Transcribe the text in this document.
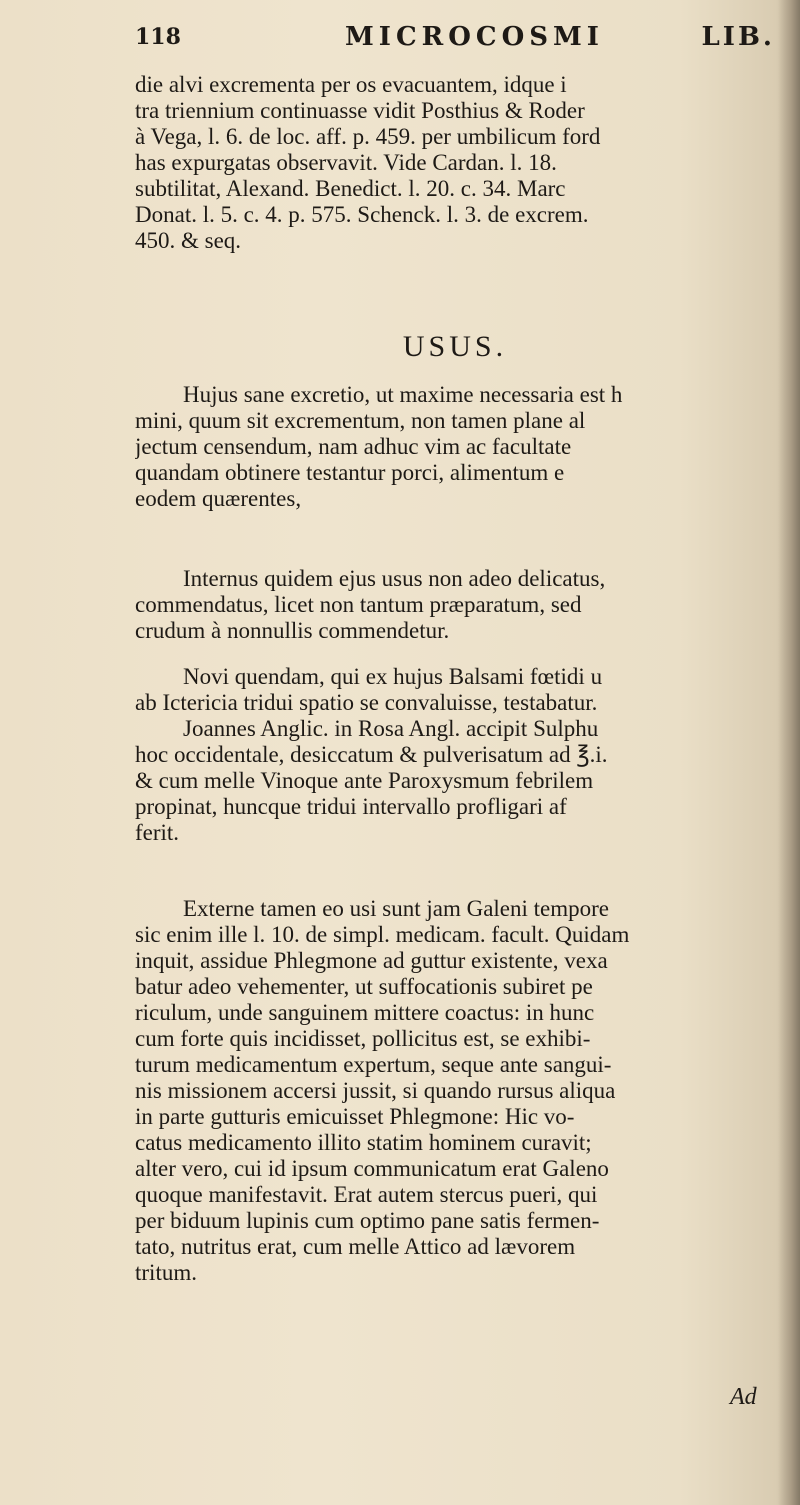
118	MICROCOSMI	LIB.
die alvi excrementa per os evacuantem, idque i
tra triennium continuasse vidit Posthius & Roder
à Vega, l. 6. de loc. aff. p. 459. per umbilicum ford
has expurgatas observavit. Vide Cardan. l. 18.
subtilitat, Alexand. Benedict. l. 20. c. 34. Marc
Donat. l. 5. c. 4. p. 575. Schenck. l. 3. de excrem.
450. & seq.
USUS.
Hujus sane excretio, ut maxime necessaria est h
mini, quum sit excrementum, non tamen plane al
jectum censendum, nam adhuc vim ac facultate
quandam obtinere testantur porci, alimentum e
eodem quærentes,
Internus quidem ejus usus non adeo delicatus,
commendatus, licet non tantum præparatum, sed
crudum à nonnullis commendetur.
Novi quendam, qui ex hujus Balsami fœtidi u
ab Ictericia tridui spatio se convaluisse, testabatur.
Joannes Anglic. in Rosa Angl. accipit Sulphu
hoc occidentale, desiccatum & pulverisatum ad ℥.i.
& cum melle Vinoque ante Paroxysmum febrilem
propinat, huncque tridui intervallo profligari af
ferit.
Externe tamen eo usi sunt jam Galeni tempore
sic enim ille l. 10. de simpl. medicam. facult. Quidam
inquit, assidue Phlegmone ad guttur existente, vexa
batur adeo vehementer, ut suffocationis subiret pe
riculum, unde sanguinem mittere coactus: in hunc
cum forte quis incidisset, pollicitus est, se exhibi-
turum medicamentum expertum, seque ante sangui-
nis missionem accersi jussit, si quando rursus aliqua
in parte gutturis emicuisset Phlegmone: Hic vo-
catus medicamento illito statim hominem curavit;
alter vero, cui id ipsum communicatum erat Galeno
quoque manifestavit. Erat autem stercus pueri, qui
per biduum lupinis cum optimo pane satis fermen-
tato, nutritus erat, cum melle Attico ad lævorem
tritum.
Ad
